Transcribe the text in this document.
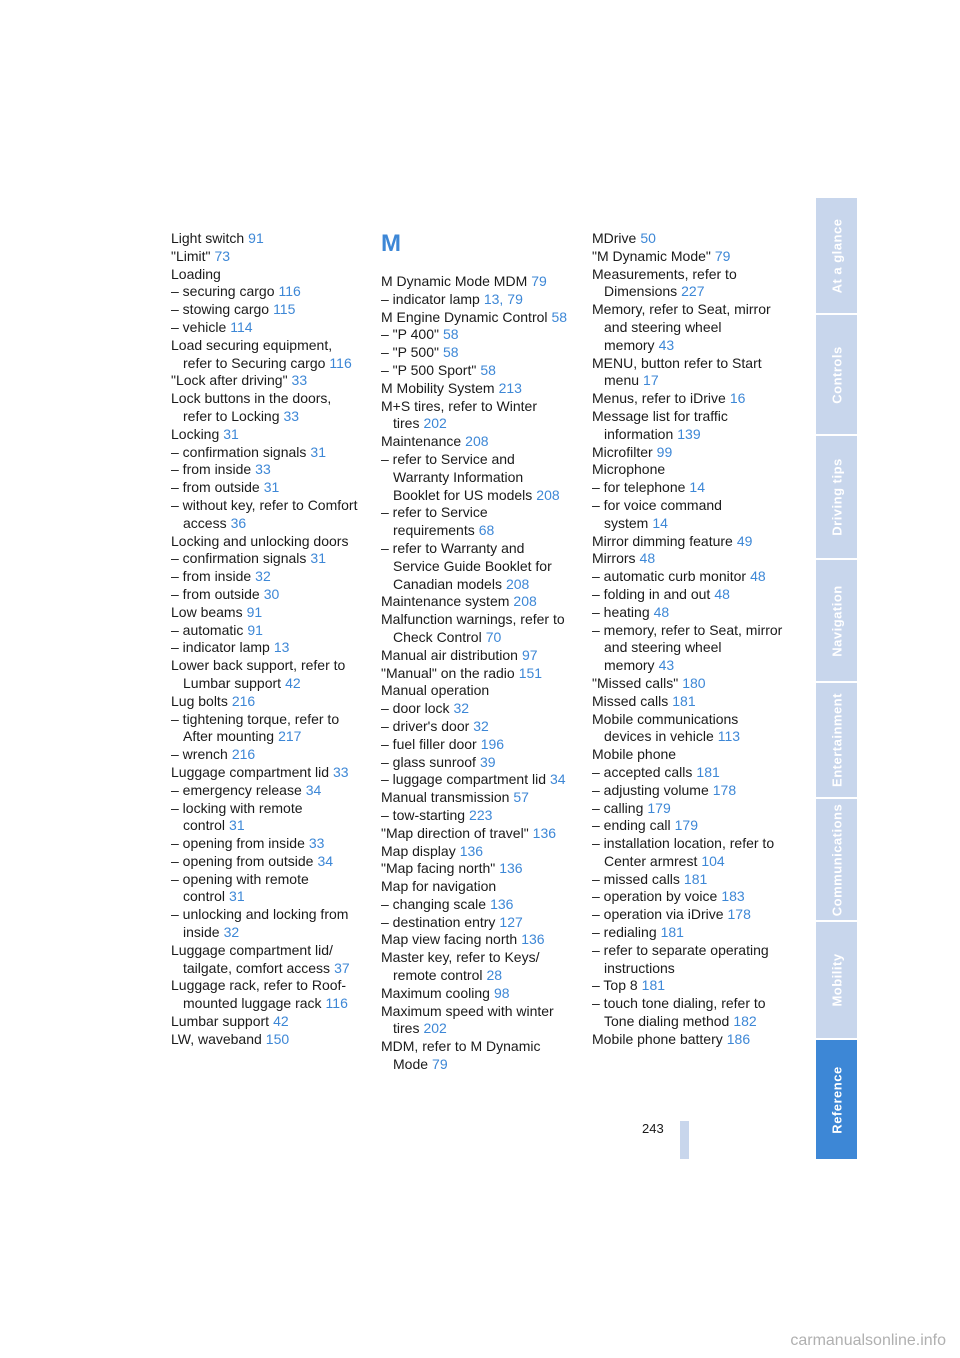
Light switch 91
"Limit" 73
Loading
– securing cargo 116
– stowing cargo 115
– vehicle 114
Load securing equipment, refer to Securing cargo 116
"Lock after driving" 33
Lock buttons in the doors, refer to Locking 33
Locking 31
– confirmation signals 31
– from inside 33
– from outside 31
– without key, refer to Comfort access 36
Locking and unlocking doors
– confirmation signals 31
– from inside 32
– from outside 30
Low beams 91
– automatic 91
– indicator lamp 13
Lower back support, refer to Lumbar support 42
Lug bolts 216
– tightening torque, refer to After mounting 217
– wrench 216
Luggage compartment lid 33
– emergency release 34
– locking with remote control 31
– opening from inside 33
– opening from outside 34
– opening with remote control 31
– unlocking and locking from inside 32
Luggage compartment lid/ tailgate, comfort access 37
Luggage rack, refer to Roof-mounted luggage rack 116
Lumbar support 42
LW, waveband 150
M
M Dynamic Mode MDM 79
– indicator lamp 13, 79
M Engine Dynamic Control 58
– "P 400" 58
– "P 500" 58
– "P 500 Sport" 58
M Mobility System 213
M+S tires, refer to Winter tires 202
Maintenance 208
– refer to Service and Warranty Information Booklet for US models 208
– refer to Service requirements 68
– refer to Warranty and Service Guide Booklet for Canadian models 208
Maintenance system 208
Malfunction warnings, refer to Check Control 70
Manual air distribution 97
"Manual" on the radio 151
Manual operation
– door lock 32
– driver's door 32
– fuel filler door 196
– glass sunroof 39
– luggage compartment lid 34
Manual transmission 57
– tow-starting 223
"Map direction of travel" 136
Map display 136
"Map facing north" 136
Map for navigation
– changing scale 136
– destination entry 127
Map view facing north 136
Master key, refer to Keys/ remote control 28
Maximum cooling 98
Maximum speed with winter tires 202
MDM, refer to M Dynamic Mode 79
MDrive 50
"M Dynamic Mode" 79
Measurements, refer to Dimensions 227
Memory, refer to Seat, mirror and steering wheel memory 43
MENU, button refer to Start menu 17
Menus, refer to iDrive 16
Message list for traffic information 139
Microfilter 99
Microphone
– for telephone 14
– for voice command system 14
Mirror dimming feature 49
Mirrors 48
– automatic curb monitor 48
– folding in and out 48
– heating 48
– memory, refer to Seat, mirror and steering wheel memory 43
"Missed calls" 180
Missed calls 181
Mobile communications devices in vehicle 113
Mobile phone
– accepted calls 181
– adjusting volume 178
– calling 179
– ending call 179
– installation location, refer to Center armrest 104
– missed calls 181
– operation by voice 183
– operation via iDrive 178
– redialing 181
– refer to separate operating instructions
– Top 8 181
– touch tone dialing, refer to Tone dialing method 182
Mobile phone battery 186
At a glance
Controls
Driving tips
Navigation
Entertainment
Communications
Mobility
Reference
243
carmanualsonline.info
